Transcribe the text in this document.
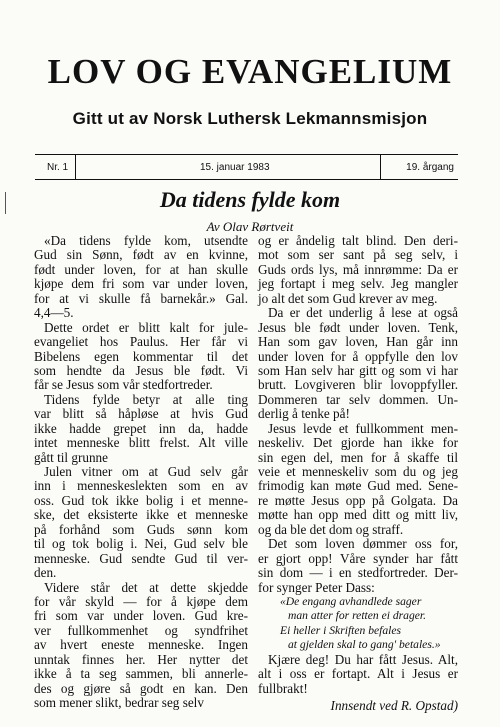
LOV OG EVANGELIUM
Gitt ut av Norsk Luthersk Lekmannsmisjon
Nr. 1	15. januar 1983	19. årgang
Da tidens fylde kom
Av Olav Rørtveit
«Da tidens fylde kom, utsendte
Gud sin Sønn, født av en kvinne,
født under loven, for at han skulle
kjøpe dem fri som var under loven,
for at vi skulle få barnekår.» Gal.
4,4—5.
Dette ordet er blitt kalt for jule-
evangeliet hos Paulus. Her får vi
Bibelens egen kommentar til det
som hendte da Jesus ble født. Vi
får se Jesus som vår stedfortreder.
Tidens fylde betyr at alle ting
var blitt så håpløse at hvis Gud
ikke hadde grepet inn da, hadde
intet menneske blitt frelst. Alt ville
gått til grunne
Julen vitner om at Gud selv går
inn i menneskeslekten som en av
oss. Gud tok ikke bolig i et menne-
ske, det eksisterte ikke et menneske
på forhånd som Guds sønn kom
til og tok bolig i. Nei, Gud selv ble
menneske. Gud sendte Gud til ver-
den.
Videre står det at dette skjedde
for vår skyld — for å kjøpe dem
fri som var under loven. Gud kre-
ver fullkommenhet og syndfrihet
av hvert eneste menneske. Ingen
unntak finnes her. Her nytter det
ikke å ta seg sammen, bli annerle-
des og gjøre så godt en kan. Den
som mener slikt, bedrar seg selv
og er åndelig talt blind. Den deri-
mot som ser sant på seg selv, i
Guds ords lys, må innrømme: Da er
jeg fortapt i meg selv. Jeg mangler
jo alt det som Gud krever av meg.
Da er det underlig å lese at også
Jesus ble født under loven. Tenk,
Han som gav loven, Han går inn
under loven for å oppfylle den lov
som Han selv har gitt og som vi har
brutt. Lovgiveren blir lovoppfyller.
Dommeren tar selv dommen. Un-
derlig å tenke på!
Jesus levde et fullkomment men-
neskeliv. Det gjorde han ikke for
sin egen del, men for å skaffe til
veie et menneskeliv som du og jeg
frimodig kan møte Gud med. Sene-
re møtte Jesus opp på Golgata. Da
møtte han opp med ditt og mitt liv,
og da ble det dom og straff.
Det som loven dømmer oss for,
er gjort opp! Våre synder har fått
sin dom — i en stedfortreder. Der-
for synger Peter Dass:
«De engang avhandlede sager
man atter for retten ei drager.
Ei heller i Skriften befales
at gjelden skal to gang' betales.»
Kjære deg! Du har fått Jesus. Alt,
alt i oss er fortapt. Alt i Jesus er
fullbrakt!
Innsendt ved R. Opstad)
